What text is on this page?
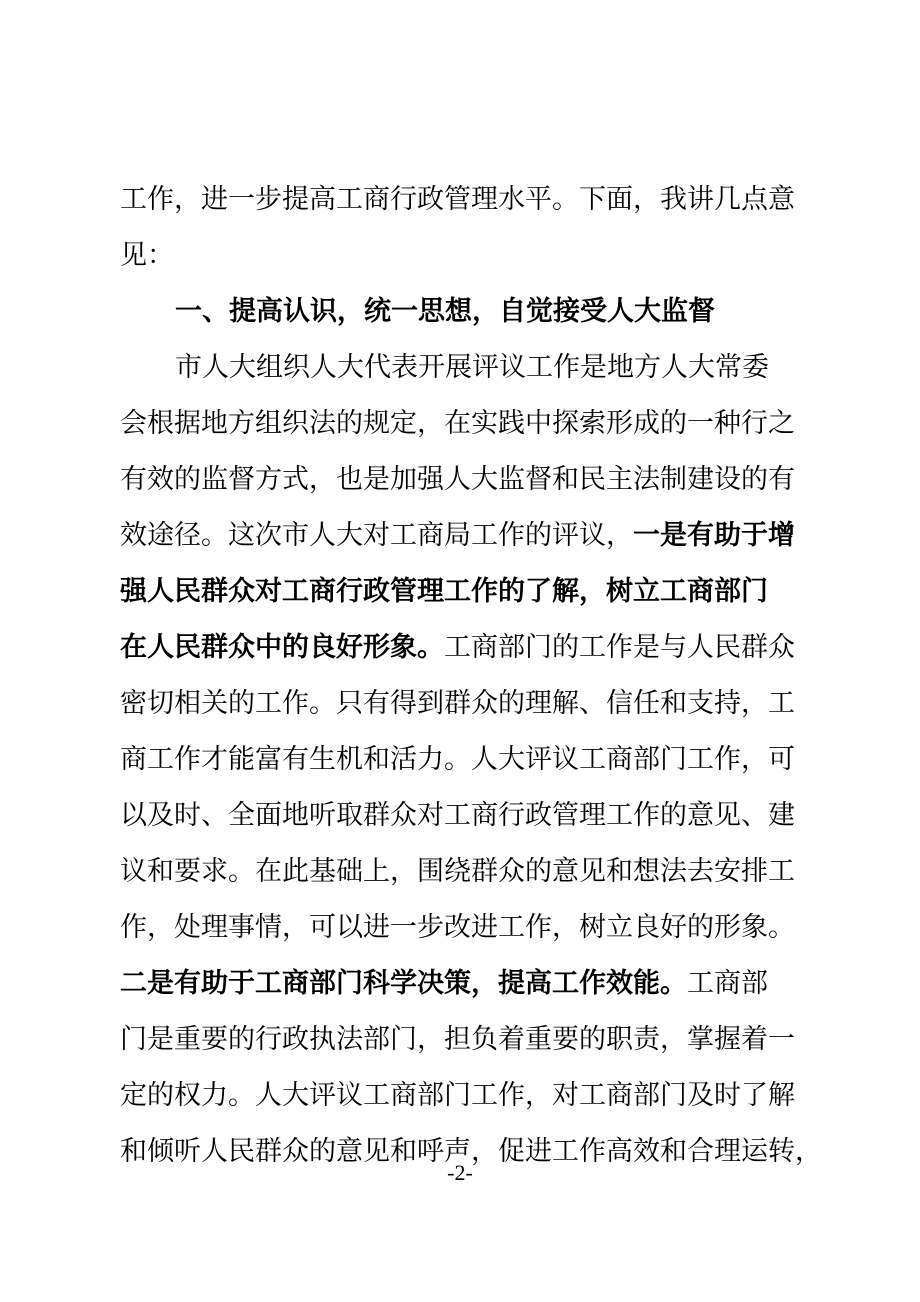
工作，进一步提高工商行政管理水平。下面，我讲几点意
见：
一、提高认识，统一思想，自觉接受人大监督
市人大组织人大代表开展评议工作是地方人大常委
会根据地方组织法的规定，在实践中探索形成的一种行之
有效的监督方式，也是加强人大监督和民主法制建设的有
效途径。这次市人大对工商局工作的评议，一是有助于增
强人民群众对工商行政管理工作的了解，树立工商部门
在人民群众中的良好形象。工商部门的工作是与人民群众
密切相关的工作。只有得到群众的理解、信任和支持，工
商工作才能富有生机和活力。人大评议工商部门工作，可
以及时、全面地听取群众对工商行政管理工作的意见、建
议和要求。在此基础上，围绕群众的意见和想法去安排工
作，处理事情，可以进一步改进工作，树立良好的形象。
二是有助于工商部门科学决策，提高工作效能。工商部
门是重要的行政执法部门，担负着重要的职责，掌握着一
定的权力。人大评议工商部门工作，对工商部门及时了解
和倾听人民群众的意见和呼声，促进工作高效和合理运转，
-2-
